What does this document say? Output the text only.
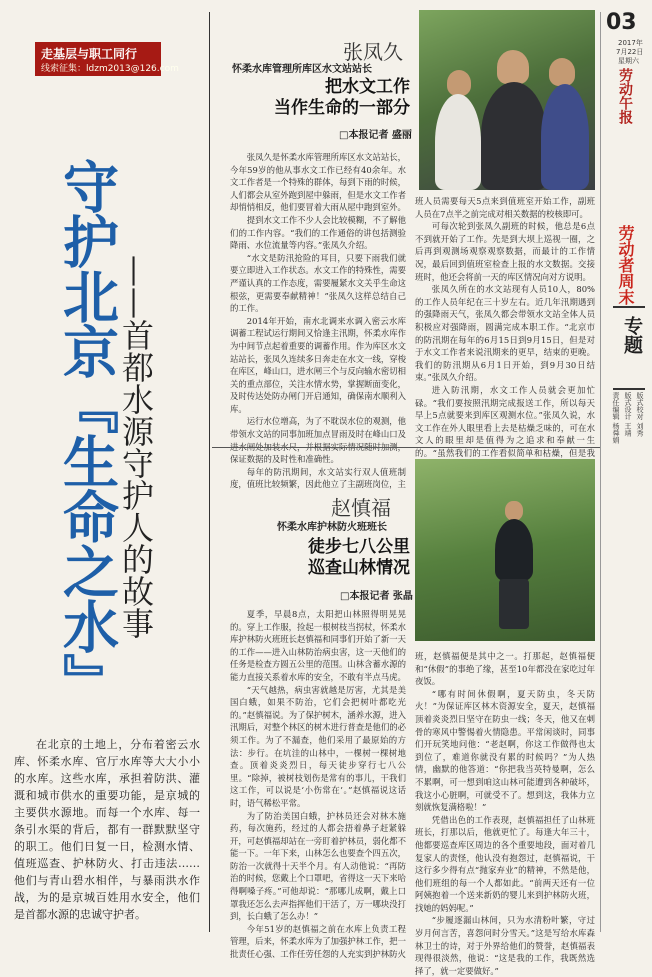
走基层与职工同行
线索征集：ldzm2013@126.com
守护北京『生命之水』
——首都水源守护人的故事

在北京的土地上，分布着密云水库、怀柔水库、官厅水库等大大小小的水库。这些水库，承担着防洪、灌溉和城市供水的重要功能，是京城的主要供水源地。而每一个水库、每一条引水渠的背后，都有一群默默坚守的职工。他们日复一日，检测水情、值班巡查、护林防火、打击违法……他们与青山碧水相伴，与暴雨洪水作战，为的是京城百姓用水安全，他们是首都水源的忠诚守护者。

张凤久
怀柔水库管理所库区水文站站长
把水文工作
当作生命的一部分
□本报记者 盛丽

张凤久是怀柔水库管理所库区水文站站长，今年59岁的他从事水文工作已经有40余年。水文工作者是一个特殊的群体，每到下雨的时候，人们都会从室外跑到屋中躲雨，但是水文工作者却悄悄相反，他们要冒着大雨从屋中跑到室外。

提到水文工作不少人会比较模糊，不了解他们的工作内容。“我们的工作通俗的讲包括测验降雨、水位流量等内容。”张凤久介绍。

“水文是防汛抢险的耳目，只要下雨我们就要立即进入工作状态。水文工作的特殊性，需要严谨认真的工作态度，需要履紧水文关乎生命这根弦，更需要奉献精神！”张凤久这样总结自己的工作。

2014年开始，南水北调来水调入密云水库调蓄工程试运行期间又恰逢主汛期，怀柔水库作为中间节点起着重要的调蓄作用。作为库区水文站站长，张凤久连续多日奔走在水文一线，穿梭在库区，峰山口，进水闸三个与反向输水密切相关的重点部位，关注水情水势，掌握断面变化，及时传达处防办闸门开启通知，确保南水顺利入库。

运行水位增高，为了不耽误水位的观测，他带领水文站的同事加班加点冒雨及时在峰山口及 保证数据的及时性和准确性。

每年的防汛期间，水文站实行双人值班制度，值班比较频繁，因此他立了主副班岗位，主

班人员需要每天5点来到值班室开始工作，副班人员在7点半之前完成对相关数据的校核即可。

可每次轮到张凤久副班的时候，他总是6点不到就开始了工作。先是到大坝上巡视一圈，之后再到观测场观察观察数据，而最计的工作情况，最后回到值班室检查上报的水文数据。交接班时，他还会将前一天的库区情况向对方说明。

张凤久所在的水文站现有人员10人，80%的工作人员年纪在三十岁左右。近几年汛期遇到的强降雨天气，张凤久都会带领水文站全体人员积极应对强降雨，圆满完成本职工作。“北京市的防汛期在每年的6月15日到9月15日，但是对于水文工作者来说汛期来的更早，结束的更晚。我们的防汛期从6月1日开始，到9月30日结束。”张凤久介绍。

进入防汛期，水文工作人员就会更加忙碌。“我们要按照汛期完成报送工作，所以每天早上5点就要来到库区观测水位。”张凤久说，水文工作在外人眼里看上去是枯燥乏味的，可在水文人的眼里却是值得为之追求和奉献一生的。“虽然我们的工作看似简单和枯燥，但是我

赵慎福
怀柔水库护林防火班班长
徒步七八公里
巡查山林情况
□本报记者 张晶

夏季，早晨8点，太阳把山林照得明晃晃的。穿上工作服，捡起一根树枝当拐杖，怀柔水库护林防火班班长赵慎福和同事们开始了新一天的工作——进入山林防治病虫害，这一天他们的任务是检查方圆五公里的范围。山林含蓄水源的能力直接关系着水库的安全，不敢有半点马虎。

“天气越热，病虫害就越是厉害，尤其是美国白蛾，如果不防治，它们会把树叶都吃光的。”赵慎福说。为了保护树木，涵养水源，进入汛期后，对整个林区的树木进行普查是他们的必须工作。为了不漏查，他们采用了最原始的方法：步行。在坑洼的山林中，一棵树一棵树地查。顶着炎炎烈日，每天徒步穿行七八公里。“除掉，被树枝划伤是常有的事儿，干我们这工作，可以说是‘小伤常在’。”赵慎福说这话时，语气稀松平常。

为了防治美国白蛾，护林员还会对林木施药，每次施药，经过的人都会捂着鼻子赶紧躲开，可赵慎福却站在一旁盯着护林员，弱化都不能一下。一年下来，山林怎么也要查个四五次，防治一次就得十天半个月。有人动他说：“再防治的时候，您戴上个口罩吧，省得这一天下来哈得啊嗓子疼。”可他却说：“那哪儿成啊，戴上口罩我还怎么去声指挥他们干活了，万一哪块没打到，长白蛾了怎么办！”

今年51岁的赵慎福之前在水库上负责工程管理，后来，怀柔水库为了加强护林工作，把一批责任心强、工作任劳任怨的人充实到护林防火

班，赵慎福便是其中之一。打那起，赵慎福便和“休假”的事绝了缘，甚至10年都没在家吃过年夜饭。

“哪有时间休假啊，夏天防虫，冬天防火！”为保证库区林木资源安全，夏天，赵慎福顶着炎炎烈日坚守在防虫一线；冬天，他又在刺骨的寒风中警惕着火情隐患。平常闲谈时，同事们开玩笑地问他：“老赵啊，你这工作做得也太到位了，难道你就没有累的时候吗？”为人热情，幽默的他答道：“你把我当英特曼啊，怎么不累啊，可一想到咱这山林可能遭到各种破坏，我这小心脏啊，可就受不了。想到这，我体力立刻就恢复满格啦！”

凭借出色的工作表现，赵慎福担任了山林班班长，打那以后，他就更忙了。每逢大年三十，他都要巡查库区周边的各个重要地段，面对着几复家人的责怪，他认没有抱怨过，赵慎福说，干这行多少得有点“抛家弃业”的精神，不然是他，他们班组的每一个人都如此。“前两天还有一位阿姨抱着一个送来新奶的婴儿来到护林防火班，找她的妈妈呢。”

“步履逐漏山林间，只为水清粉叶繁，守过岁月何言苦，喜怨问时分雪天。”这是写给水库森林卫士的诗，对于外界给他们的赞誉，赵慎福表现得很淡然，他说：“这是我的工作，我既然选择了，就一定要做好。”

03
2017年
7月22日
星期六
劳动午报
劳动者周末
专题
责任编辑 杨舜娟 版式设计 王靖 版式校对 刘秀
